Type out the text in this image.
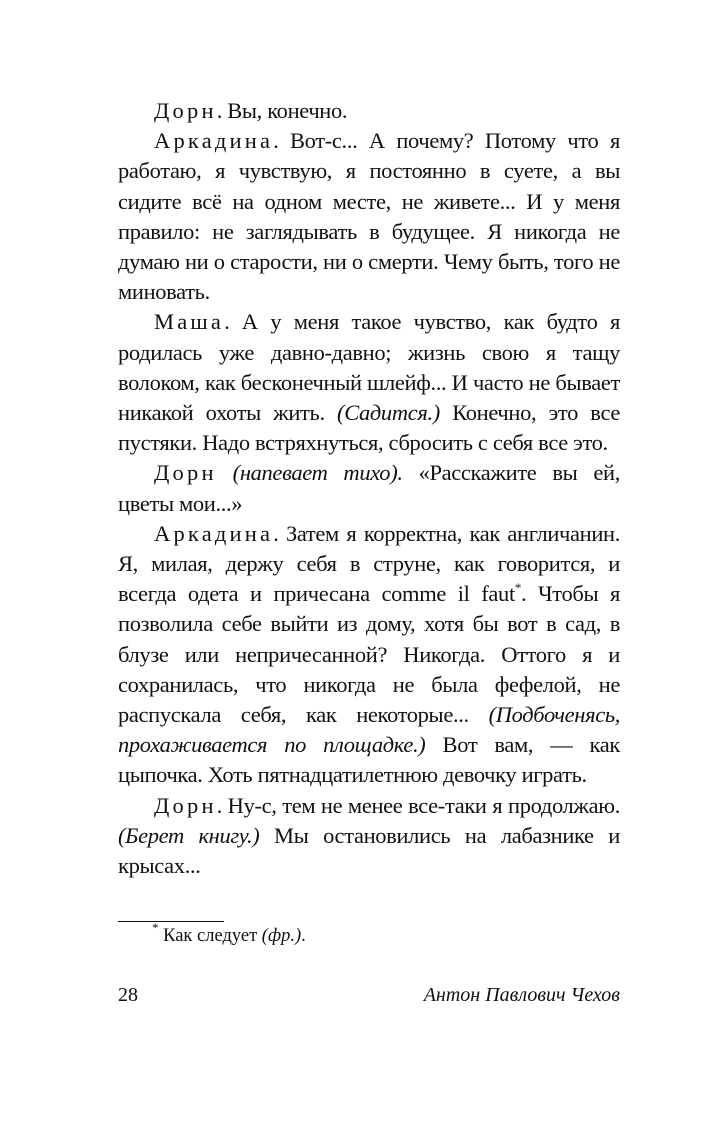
Дорн. Вы, конечно.

Аркадина. Вот-с... А почему? Потому что я работаю, я чувствую, я постоянно в суете, а вы сидите всё на одном месте, не живете... И у меня правило: не заглядывать в будущее. Я никогда не думаю ни о старости, ни о смерти. Чему быть, того не миновать.

Маша. А у меня такое чувство, как будто я родилась уже давно-давно; жизнь свою я тащу волоком, как бесконечный шлейф... И часто не бывает никакой охоты жить. (Садится.) Конечно, это все пустяки. Надо встряхнуться, сбросить с себя все это.

Дорн (напевает тихо). «Расскажите вы ей, цветы мои...»

Аркадина. Затем я корректна, как англичанин. Я, милая, держу себя в струне, как говорится, и всегда одета и причесана comme il faut*. Чтобы я позволила себе выйти из дому, хотя бы вот в сад, в блузе или непричесанной? Никогда. Оттого я и сохранилась, что никогда не была фефелой, не распускала себя, как некоторые... (Подбоченясь, прохаживается по площадке.) Вот вам, — как цыпочка. Хоть пятнадцатилетнюю девочку играть.

Дорн. Ну-с, тем не менее все-таки я продолжаю. (Берет книгу.) Мы остановились на лабазнике и крысах...

* Как следует (фр.).
28	Антон Павлович Чехов
